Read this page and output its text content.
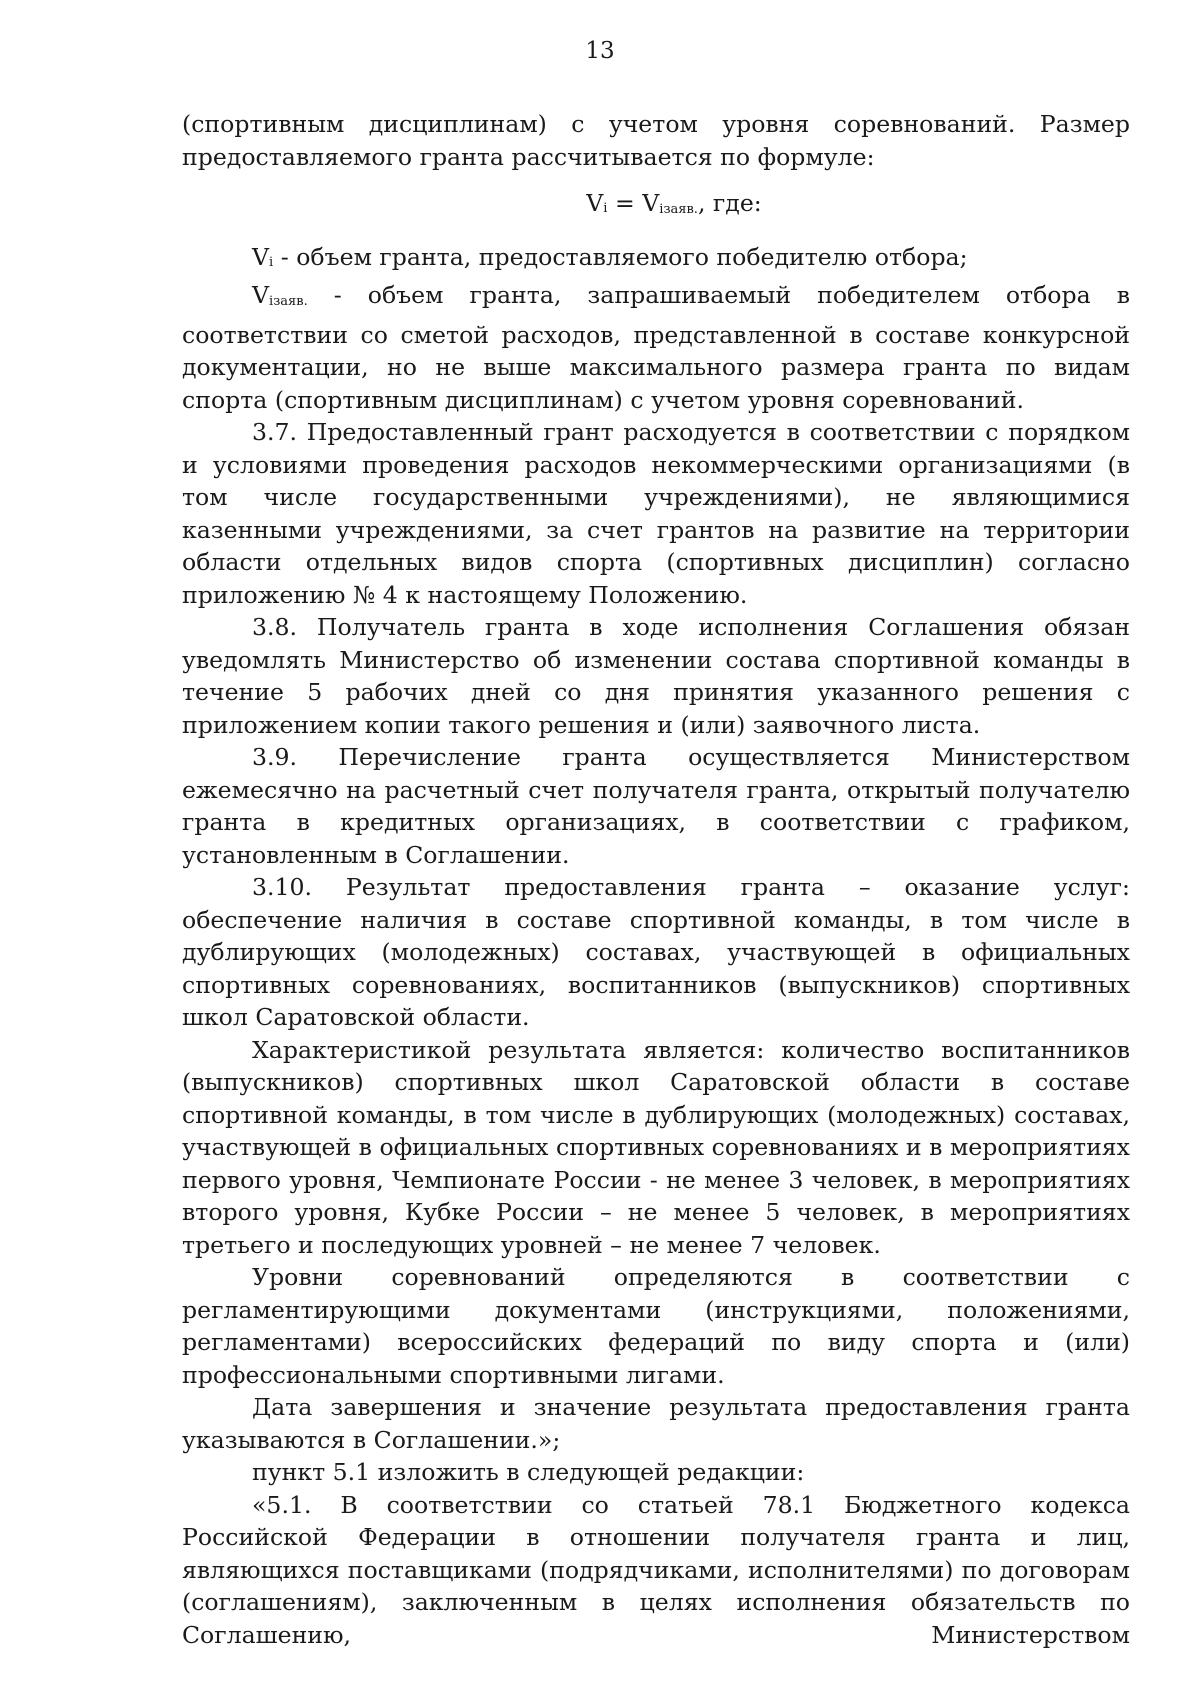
13

(спортивным дисциплинам) с учетом уровня соревнований. Размер предоставляемого гранта рассчитывается по формуле:

Vi = Viзаяв., где:

Vi - объем гранта, предоставляемого победителю отбора;

Viзаяв. - объем гранта, запрашиваемый победителем отбора в соответствии со сметой расходов, представленной в составе конкурсной документации, но не выше максимального размера гранта по видам спорта (спортивным дисциплинам) с учетом уровня соревнований.

3.7. Предоставленный грант расходуется в соответствии с порядком и условиями проведения расходов некоммерческими организациями (в том числе государственными учреждениями), не являющимися казенными учреждениями, за счет грантов на развитие на территории области отдельных видов спорта (спортивных дисциплин) согласно приложению № 4 к настоящему Положению.

3.8. Получатель гранта в ходе исполнения Соглашения обязан уведомлять Министерство об изменении состава спортивной команды в течение 5 рабочих дней со дня принятия указанного решения с приложением копии такого решения и (или) заявочного листа.

3.9. Перечисление гранта осуществляется Министерством ежемесячно на расчетный счет получателя гранта, открытый получателю гранта в кредитных организациях, в соответствии с графиком, установленным в Соглашении.

3.10. Результат предоставления гранта – оказание услуг: обеспечение наличия в составе спортивной команды, в том числе в дублирующих (молодежных) составах, участвующей в официальных спортивных соревнованиях, воспитанников (выпускников) спортивных школ Саратовской области.

Характеристикой результата является: количество воспитанников (выпускников) спортивных школ Саратовской области в составе спортивной команды, в том числе в дублирующих (молодежных) составах, участвующей в официальных спортивных соревнованиях и в мероприятиях первого уровня, Чемпионате России - не менее 3 человек, в мероприятиях второго уровня, Кубке России – не менее 5 человек, в мероприятиях третьего и последующих уровней – не менее 7 человек.

Уровни соревнований определяются в соответствии с регламентирующими документами (инструкциями, положениями, регламентами) всероссийских федераций по виду спорта и (или) профессиональными спортивными лигами.

Дата завершения и значение результата предоставления гранта указываются в Соглашении.»;

пункт 5.1 изложить в следующей редакции:

«5.1. В соответствии со статьей 78.1 Бюджетного кодекса Российской Федерации в отношении получателя гранта и лиц, являющихся поставщиками (подрядчиками, исполнителями) по договорам (соглашениям), заключенным в целях исполнения обязательств по Соглашению, Министерством
